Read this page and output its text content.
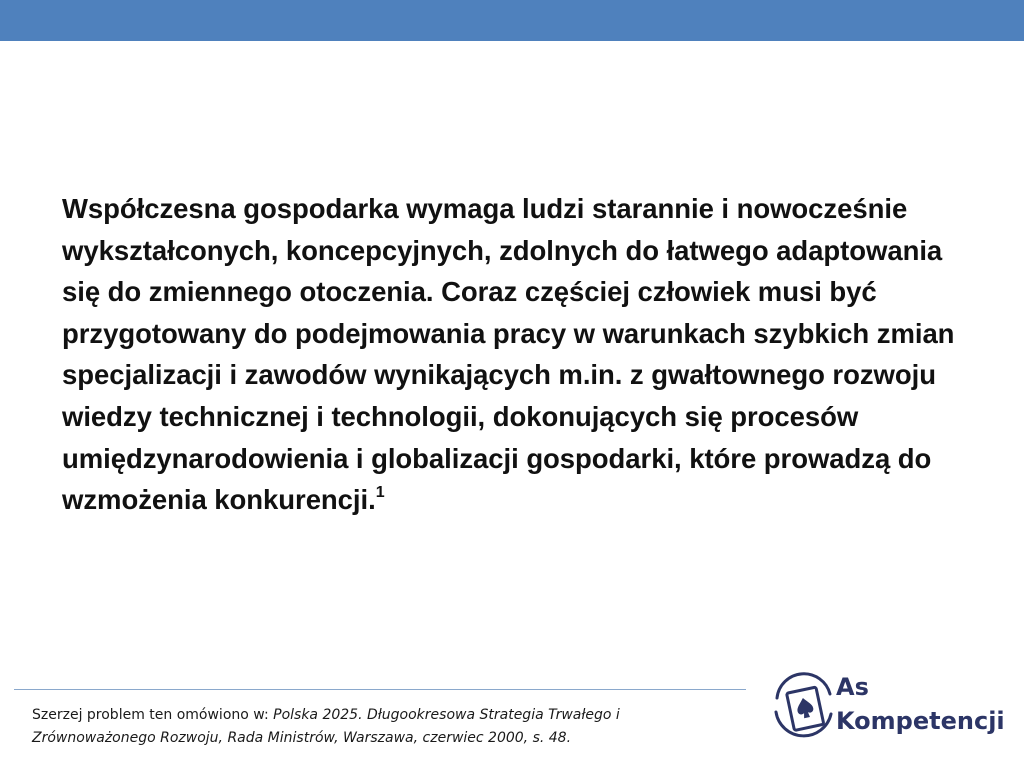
Współczesna gospodarka wymaga ludzi starannie i nowocześnie wykształconych, koncepcyjnych, zdolnych do łatwego adaptowania się do zmiennego otoczenia. Coraz częściej człowiek musi być przygotowany do podejmowania pracy w warunkach szybkich zmian specjalizacji i zawodów wynikających m.in. z gwałtownego rozwoju wiedzy technicznej i technologii, dokonujących się procesów umiędzynarodowienia i globalizacji gospodarki, które prowadzą do wzmożenia konkurencji.$^1$

Szerzej problem ten omówiono w: Polska 2025. Długookresowa Strategia Trwałego i Zrównoważonego Rozwoju, Rada Ministrów, Warszawa, czerwiec 2000, s. 48.

As
Kompetencji
